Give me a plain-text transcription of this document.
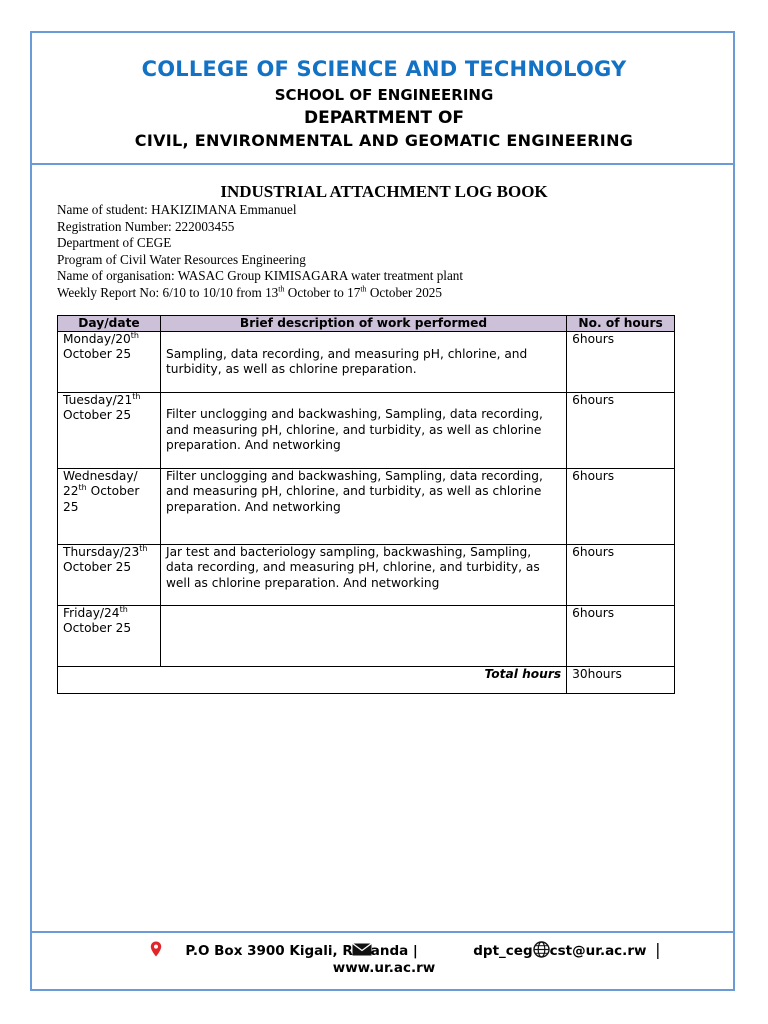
COLLEGE OF SCIENCE AND TECHNOLOGY
SCHOOL OF ENGINEERING
DEPARTMENT OF
CIVIL, ENVIRONMENTAL AND GEOMATIC ENGINEERING
INDUSTRIAL ATTACHMENT LOG BOOK
Name of student: HAKIZIMANA Emmanuel
Registration Number: 222003455
Department of CEGE
Program of Civil Water Resources Engineering
Name of organisation: WASAC Group KIMISAGARA water treatment plant
Weekly Report No: 6/10 to 10/10 from 13th October to 17th October 2025
Day/date	Brief description of work performed	No. of hours
Monday/20th
October 25	Sampling, data recording, and measuring pH, chlorine, and turbidity, as well as chlorine preparation.	6hours
Tuesday/21th
October 25	Filter unclogging and backwashing, Sampling, data recording, and measuring pH, chlorine, and turbidity, as well as chlorine preparation. And networking	6hours
Wednesday/
22th October
25	Filter unclogging and backwashing, Sampling, data recording, and measuring pH, chlorine, and turbidity, as well as chlorine preparation. And networking	6hours
Thursday/23th
October 25	Jar test and bacteriology sampling, backwashing, Sampling, data recording, and measuring pH, chlorine, and turbidity, as well as chlorine preparation. And networking	6hours
Friday/24th
October 25		6hours
Total hours		30hours
P.O Box 3900 Kigali, R anda |	dpt_ceg cst@ur.ac.rw |
www.ur.ac.rw
